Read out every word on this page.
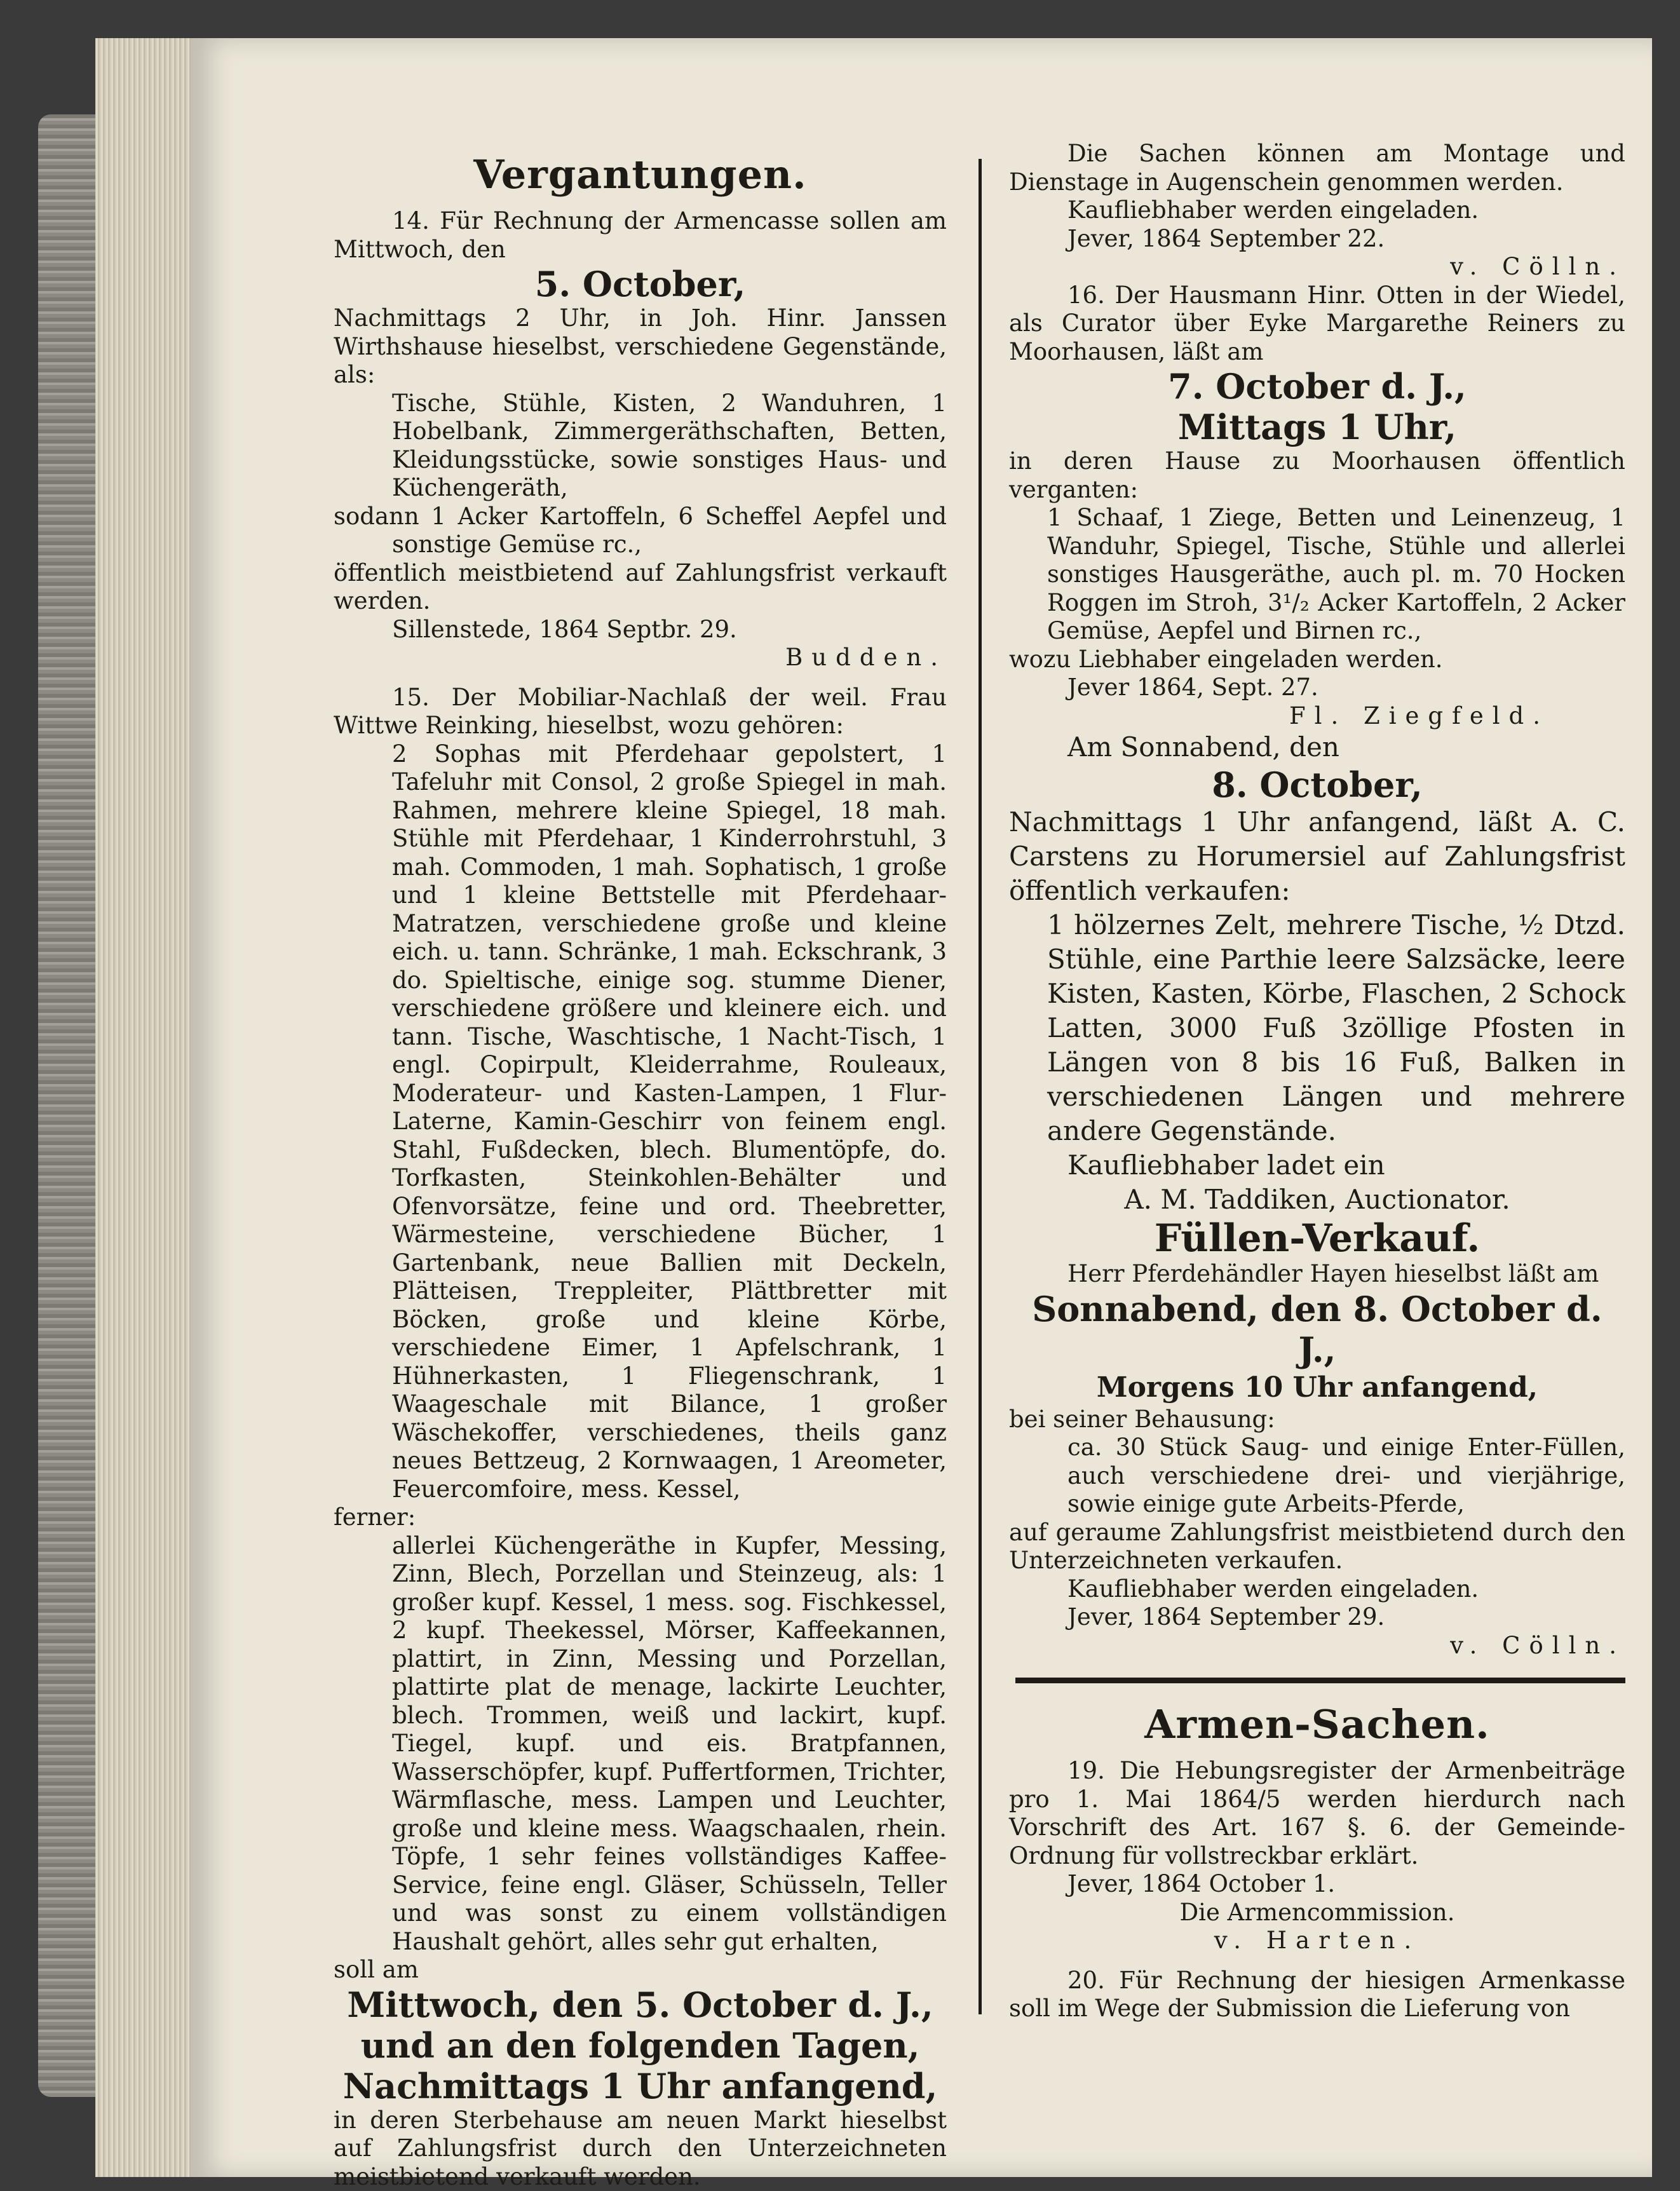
Vergantungen.

14. Für Rechnung der Armencasse sollen am Mittwoch, den

5. October,

Nachmittags 2 Uhr, in Joh. Hinr. Janssen Wirthshause hieselbst, verschiedene Gegenstände, als:

Tische, Stühle, Kisten, 2 Wanduhren, 1 Hobelbank, Zimmergeräthschaften, Betten, Kleidungsstücke, sowie sonstiges Haus- und Küchengeräth,

sodann 1 Acker Kartoffeln, 6 Scheffel Aepfel und sonstige Gemüse rc.,

öffentlich meistbietend auf Zahlungsfrist verkauft werden.

Sillenstede, 1864 Septbr. 29.

Budden.

15. Der Mobiliar-Nachlaß der weil. Frau Wittwe Reinking, hieselbst, wozu gehören:

2 Sophas mit Pferdehaar gepolstert, 1 Tafeluhr mit Consol, 2 große Spiegel in mah. Rahmen, mehrere kleine Spiegel, 18 mah. Stühle mit Pferdehaar, 1 Kinderrohrstuhl, 3 mah. Commoden, 1 mah. Sophatisch, 1 große und 1 kleine Bettstelle mit Pferdehaar-Matratzen, verschiedene große und kleine eich. u. tann. Schränke, 1 mah. Eckschrank, 3 do. Spieltische, einige sog. stumme Diener, verschiedene größere und kleinere eich. und tann. Tische, Waschtische, 1 Nacht-Tisch, 1 engl. Copirpult, Kleiderrahme, Rouleaux, Moderateur- und Kasten-Lampen, 1 Flur-Laterne, Kamin-Geschirr von feinem engl. Stahl, Fußdecken, blech. Blumentöpfe, do. Torfkasten, Steinkohlen-Behälter und Ofenvorsätze, feine und ord. Theebretter, Wärmesteine, verschiedene Bücher, 1 Gartenbank, neue Ballien mit Deckeln, Plätteisen, Treppleiter, Plättbretter mit Böcken, große und kleine Körbe, verschiedene Eimer, 1 Apfelschrank, 1 Hühnerkasten, 1 Fliegenschrank, 1 Waageschale mit Bilance, 1 großer Wäschekoffer, verschiedenes, theils ganz neues Bettzeug, 2 Kornwaagen, 1 Areometer, Feuercomfoire, mess. Kessel,

ferner:

allerlei Küchengeräthe in Kupfer, Messing, Zinn, Blech, Porzellan und Steinzeug, als: 1 großer kupf. Kessel, 1 mess. sog. Fischkessel, 2 kupf. Theekessel, Mörser, Kaffeekannen, plattirt, in Zinn, Messing und Porzellan, plattirte plat de menage, lackirte Leuchter, blech. Trommen, weiß und lackirt, kupf. Tiegel, kupf. und eis. Bratpfannen, Wasserschöpfer, kupf. Puffertformen, Trichter, Wärmflasche, mess. Lampen und Leuchter, große und kleine mess. Waagschaalen, rhein. Töpfe, 1 sehr feines vollständiges Kaffee-Service, feine engl. Gläser, Schüsseln, Teller und was sonst zu einem vollständigen Haushalt gehört, alles sehr gut erhalten,

soll am

Mittwoch, den 5. October d. J.,

und an den folgenden Tagen,

Nachmittags 1 Uhr anfangend,

in deren Sterbehause am neuen Markt hieselbst auf Zahlungsfrist durch den Unterzeichneten meistbietend verkauft werden.

Die Sachen können am Montage und Dienstage in Augenschein genommen werden.

Kaufliebhaber werden eingeladen.

Jever, 1864 September 22.

v. Cölln.

16. Der Hausmann Hinr. Otten in der Wiedel, als Curator über Eyke Margarethe Reiners zu Moorhausen, läßt am

7. October d. J.,

Mittags 1 Uhr,

in deren Hause zu Moorhausen öffentlich verganten:

1 Schaaf, 1 Ziege, Betten und Leinenzeug, 1 Wanduhr, Spiegel, Tische, Stühle und allerlei sonstiges Hausgeräthe, auch pl. m. 70 Hocken Roggen im Stroh, 3¹/₂ Acker Kartoffeln, 2 Acker Gemüse, Aepfel und Birnen rc.,

wozu Liebhaber eingeladen werden.

Jever 1864, Sept. 27.

Fl. Ziegfeld.

Am Sonnabend, den

8. October,

Nachmittags 1 Uhr anfangend, läßt A. C. Carstens zu Horumersiel auf Zahlungsfrist öffentlich verkaufen:

1 hölzernes Zelt, mehrere Tische, ½ Dtzd. Stühle, eine Parthie leere Salzsäcke, leere Kisten, Kasten, Körbe, Flaschen, 2 Schock Latten, 3000 Fuß 3zöllige Pfosten in Längen von 8 bis 16 Fuß, Balken in verschiedenen Längen und mehrere andere Gegenstände.

Kaufliebhaber ladet ein

A. M. Taddiken, Auctionator.

Füllen-Verkauf.

Herr Pferdehändler Hayen hieselbst läßt am

Sonnabend, den 8. October d. J.,

Morgens 10 Uhr anfangend,

bei seiner Behausung:

ca. 30 Stück Saug- und einige Enter-Füllen, auch verschiedene drei- und vierjährige, sowie einige gute Arbeits-Pferde,

auf geraume Zahlungsfrist meistbietend durch den Unterzeichneten verkaufen.

Kaufliebhaber werden eingeladen.

Jever, 1864 September 29.

v. Cölln.

Armen-Sachen.

19. Die Hebungsregister der Armenbeiträge pro 1. Mai 1864/5 werden hierdurch nach Vorschrift des Art. 167 §. 6. der Gemeinde-Ordnung für vollstreckbar erklärt.

Jever, 1864 October 1.

Die Armencommission.

v. Harten.

20. Für Rechnung der hiesigen Armenkasse soll im Wege der Submission die Lieferung von
